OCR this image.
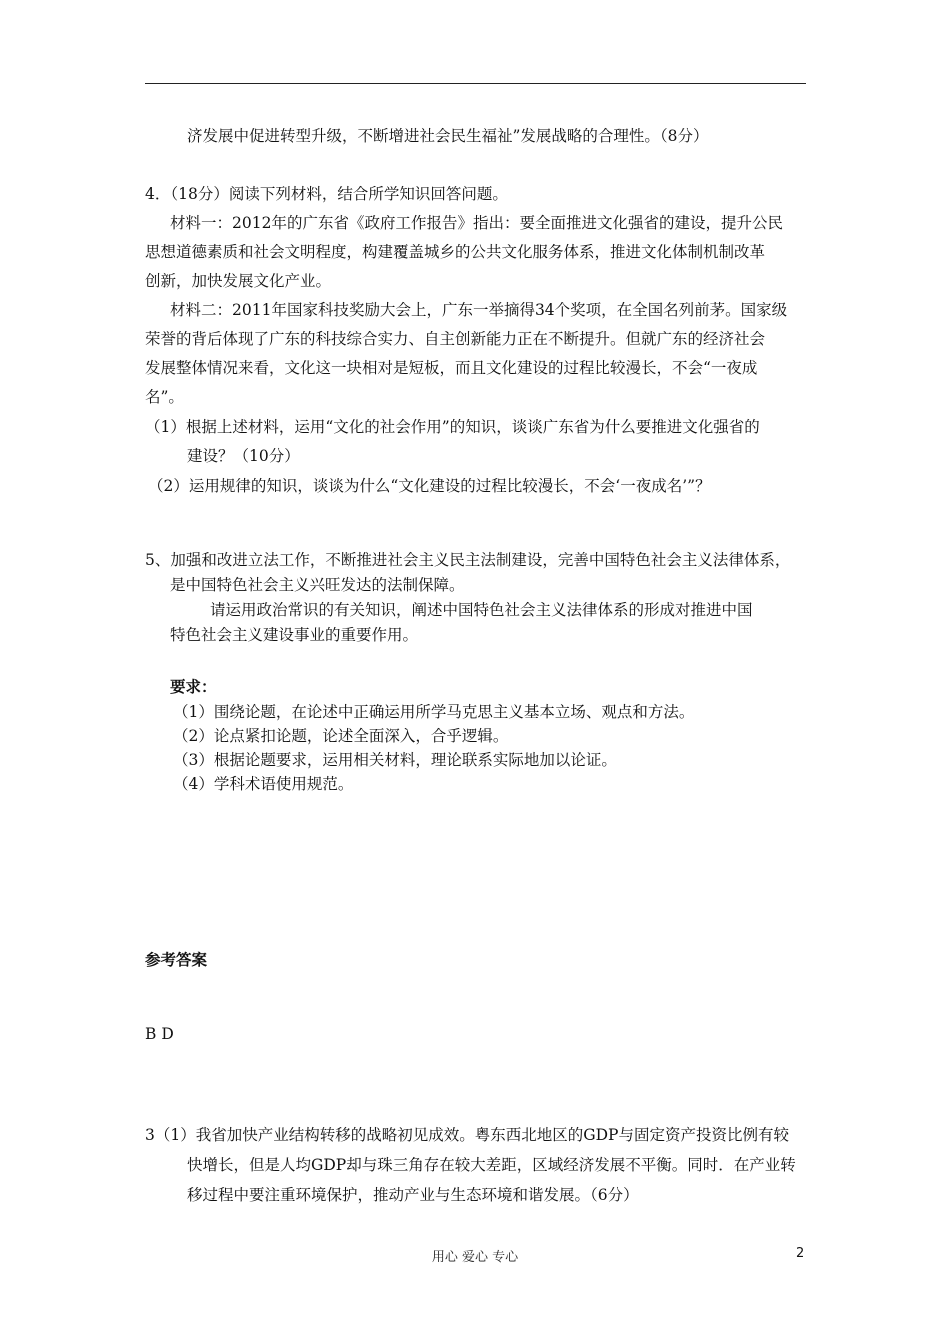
济发展中促进转型升级，不断增进社会民生福祉”发展战略的合理性。（8分）
4．（18分）阅读下列材料，结合所学知识回答问题。
材料一：2012年的广东省《政府工作报告》指出：要全面推进文化强省的建设，提升公民
思想道德素质和社会文明程度，构建覆盖城乡的公共文化服务体系，推进文化体制机制改革
创新，加快发展文化产业。
材料二：2011年国家科技奖励大会上，广东一举摘得34个奖项，在全国名列前茅。国家级
荣誉的背后体现了广东的科技综合实力、自主创新能力正在不断提升。但就广东的经济社会
发展整体情况来看，文化这一块相对是短板，而且文化建设的过程比较漫长，不会“一夜成
名”。
（1）根据上述材料，运用“文化的社会作用”的知识，谈谈广东省为什么要推进文化强省的
建设？（10分）
（2）运用规律的知识，谈谈为什么“文化建设的过程比较漫长，不会‘一夜成名’”？
5、加强和改进立法工作，不断推进社会主义民主法制建设，完善中国特色社会主义法律体系，
是中国特色社会主义兴旺发达的法制保障。
请运用政治常识的有关知识，阐述中国特色社会主义法律体系的形成对推进中国
特色社会主义建设事业的重要作用。
要求：
（1）围绕论题，在论述中正确运用所学马克思主义基本立场、观点和方法。
（2）论点紧扣论题，论述全面深入，合乎逻辑。
（3）根据论题要求，运用相关材料，理论联系实际地加以论证。
（4）学科术语使用规范。
参考答案
B D
3（1）我省加快产业结构转移的战略初见成效。粤东西北地区的GDP与固定资产投资比例有较
快增长，但是人均GDP却与珠三角存在较大差距，区域经济发展不平衡。同时．在产业转
移过程中要注重环境保护，推动产业与生态环境和谐发展。（6分）
用心 爱心 专心	2
